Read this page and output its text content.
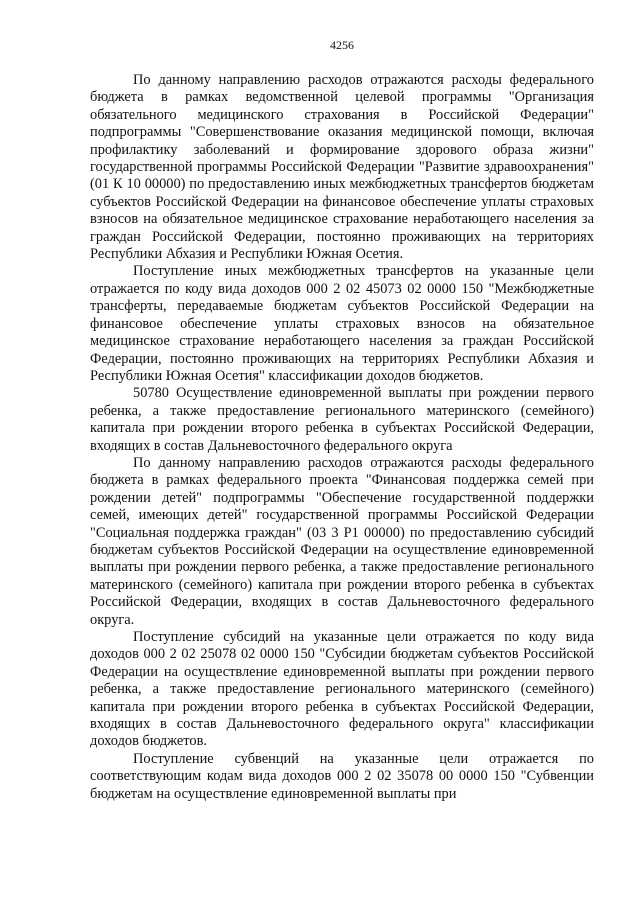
4256

По данному направлению расходов отражаются расходы федерального бюджета в рамках ведомственной целевой программы "Организация обязательного медицинского страхования в Российской Федерации" подпрограммы "Совершенствование оказания медицинской помощи, включая профилактику заболеваний и формирование здорового образа жизни" государственной программы Российской Федерации "Развитие здравоохранения" (01 К 10 00000) по предоставлению иных межбюджетных трансфертов бюджетам субъектов Российской Федерации на финансовое обеспечение уплаты страховых взносов на обязательное медицинское страхование неработающего населения за граждан Российской Федерации, постоянно проживающих на территориях Республики Абхазия и Республики Южная Осетия.

Поступление иных межбюджетных трансфертов на указанные цели отражается по коду вида доходов 000 2 02 45073 02 0000 150 "Межбюджетные трансферты, передаваемые бюджетам субъектов Российской Федерации на финансовое обеспечение уплаты страховых взносов на обязательное медицинское страхование неработающего населения за граждан Российской Федерации, постоянно проживающих на территориях Республики Абхазия и Республики Южная Осетия" классификации доходов бюджетов.

50780 Осуществление единовременной выплаты при рождении первого ребенка, а также предоставление регионального материнского (семейного) капитала при рождении второго ребенка в субъектах Российской Федерации, входящих в состав Дальневосточного федерального округа

По данному направлению расходов отражаются расходы федерального бюджета в рамках федерального проекта "Финансовая поддержка семей при рождении детей" подпрограммы "Обеспечение государственной поддержки семей, имеющих детей" государственной программы Российской Федерации "Социальная поддержка граждан" (03 3 P1 00000) по предоставлению субсидий бюджетам субъектов Российской Федерации на осуществление единовременной выплаты при рождении первого ребенка, а также предоставление регионального материнского (семейного) капитала при рождении второго ребенка в субъектах Российской Федерации, входящих в состав Дальневосточного федерального округа.

Поступление субсидий на указанные цели отражается по коду вида доходов 000 2 02 25078 02 0000 150 "Субсидии бюджетам субъектов Российской Федерации на осуществление единовременной выплаты при рождении первого ребенка, а также предоставление регионального материнского (семейного) капитала при рождении второго ребенка в субъектах Российской Федерации, входящих в состав Дальневосточного федерального округа" классификации доходов бюджетов.

Поступление субвенций на указанные цели отражается по соответствующим кодам вида доходов 000 2 02 35078 00 0000 150 "Субвенции бюджетам на осуществление единовременной выплаты при
